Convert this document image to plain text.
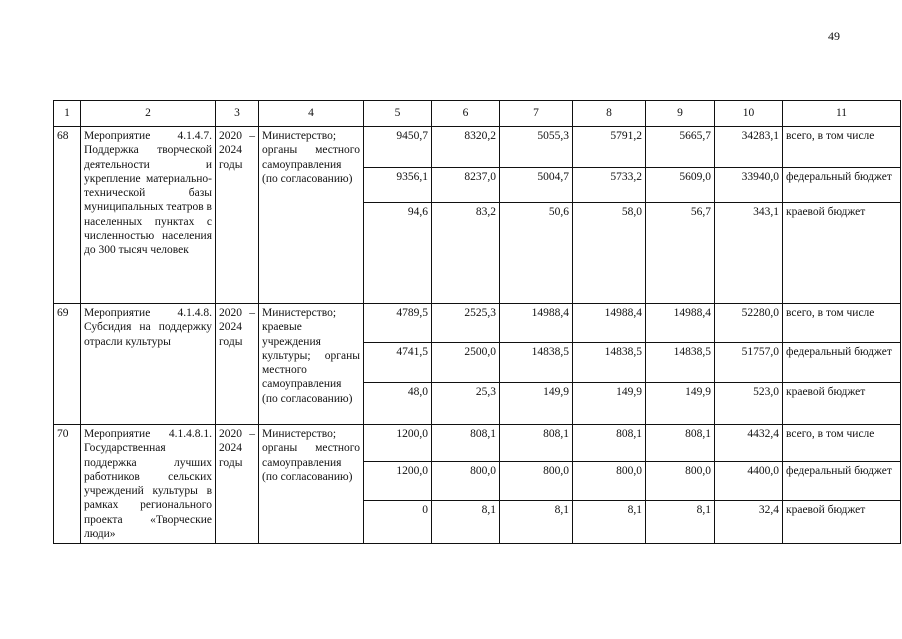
49
1	2	3	4	5	6	7	8	9	10	11
68	Мероприятие 4.1.4.7. Поддержка творческой деятельности и укрепление материально-технической базы муниципальных театров в населенных пунктах с численностью населения до 300 тысяч человек	2020 – 2024 годы	Министерство; органы местного самоуправления (по согласованию)	9450,7	8320,2	5055,3	5791,2	5665,7	34283,1	всего, в том числе
				9356,1	8237,0	5004,7	5733,2	5609,0	33940,0	федеральный бюджет
				94,6	83,2	50,6	58,0	56,7	343,1	краевой бюджет
69	Мероприятие 4.1.4.8. Субсидия на поддержку отрасли культуры	2020 – 2024 годы	Министерство; краевые учреждения культуры; органы местного самоуправления (по согласованию)	4789,5	2525,3	14988,4	14988,4	14988,4	52280,0	всего, в том числе
				4741,5	2500,0	14838,5	14838,5	14838,5	51757,0	федеральный бюджет
				48,0	25,3	149,9	149,9	149,9	523,0	краевой бюджет
70	Мероприятие 4.1.4.8.1. Государственная поддержка лучших работников сельских учреждений культуры в рамках регионального проекта «Творческие люди»	2020 – 2024 годы	Министерство; органы местного самоуправления (по согласованию)	1200,0	808,1	808,1	808,1	808,1	4432,4	всего, в том числе
				1200,0	800,0	800,0	800,0	800,0	4400,0	федеральный бюджет
				0	8,1	8,1	8,1	8,1	32,4	краевой бюджет
